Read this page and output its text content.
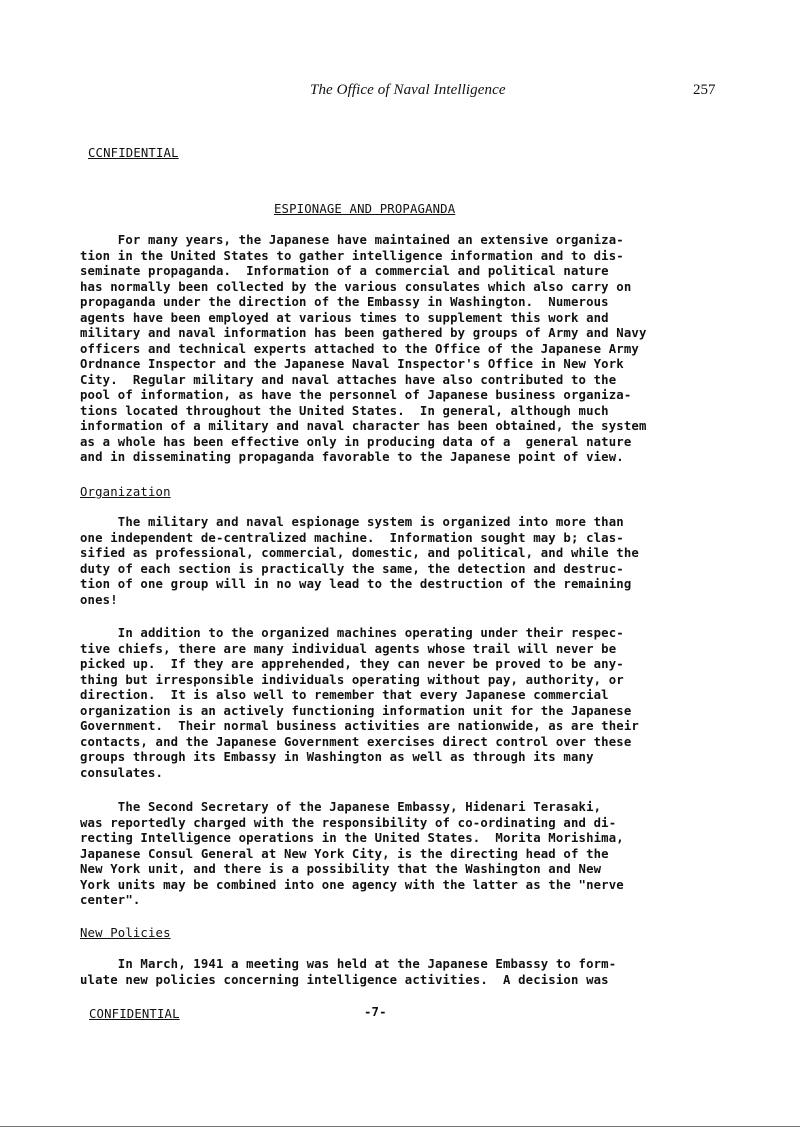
The Office of Naval Intelligence	257
CCNFIDENTIAL
ESPIONAGE AND PROPAGANDA

For many years, the Japanese have maintained an extensive organiza-
tion in the United States to gather intelligence information and to dis-
seminate propaganda.  Information of a commercial and political nature
has normally been collected by the various consulates which also carry on
propaganda under the direction of the Embassy in Washington.  Numerous
agents have been employed at various times to supplement this work and
military and naval information has been gathered by groups of Army and Navy
officers and technical experts attached to the Office of the Japanese Army
Ordnance Inspector and the Japanese Naval Inspector's Office in New York
City.  Regular military and naval attaches have also contributed to the
pool of information, as have the personnel of Japanese business organiza-
tions located throughout the United States.  In general, although much
information of a military and naval character has been obtained, the system
as a whole has been effective only in producing data of a  general nature
and in disseminating propaganda favorable to the Japanese point of view.

Organization

The military and naval espionage system is organized into more than
one independent de-centralized machine.  Information sought may b; clas-
sified as professional, commercial, domestic, and political, and while the
duty of each section is practically the same, the detection and destruc-
tion of one group will in no way lead to the destruction of the remaining
ones!

In addition to the organized machines operating under their respec-
tive chiefs, there are many individual agents whose trail will never be
picked up.  If they are apprehended, they can never be proved to be any-
thing but irresponsible individuals operating without pay, authority, or
direction.  It is also well to remember that every Japanese commercial
organization is an actively functioning information unit for the Japanese
Government.  Their normal business activities are nationwide, as are their
contacts, and the Japanese Government exercises direct control over these
groups through its Embassy in Washington as well as through its many
consulates.

The Second Secretary of the Japanese Embassy, Hidenari Terasaki,
was reportedly charged with the responsibility of co-ordinating and di-
recting Intelligence operations in the United States.  Morita Morishima,
Japanese Consul General at New York City, is the directing head of the
New York unit, and there is a possibility that the Washington and New
York units may be combined into one agency with the latter as the "nerve
center".

New Policies

In March, 1941 a meeting was held at the Japanese Embassy to form-
ulate new policies concerning intelligence activities.  A decision was

CONFIDENTIAL	-7-
